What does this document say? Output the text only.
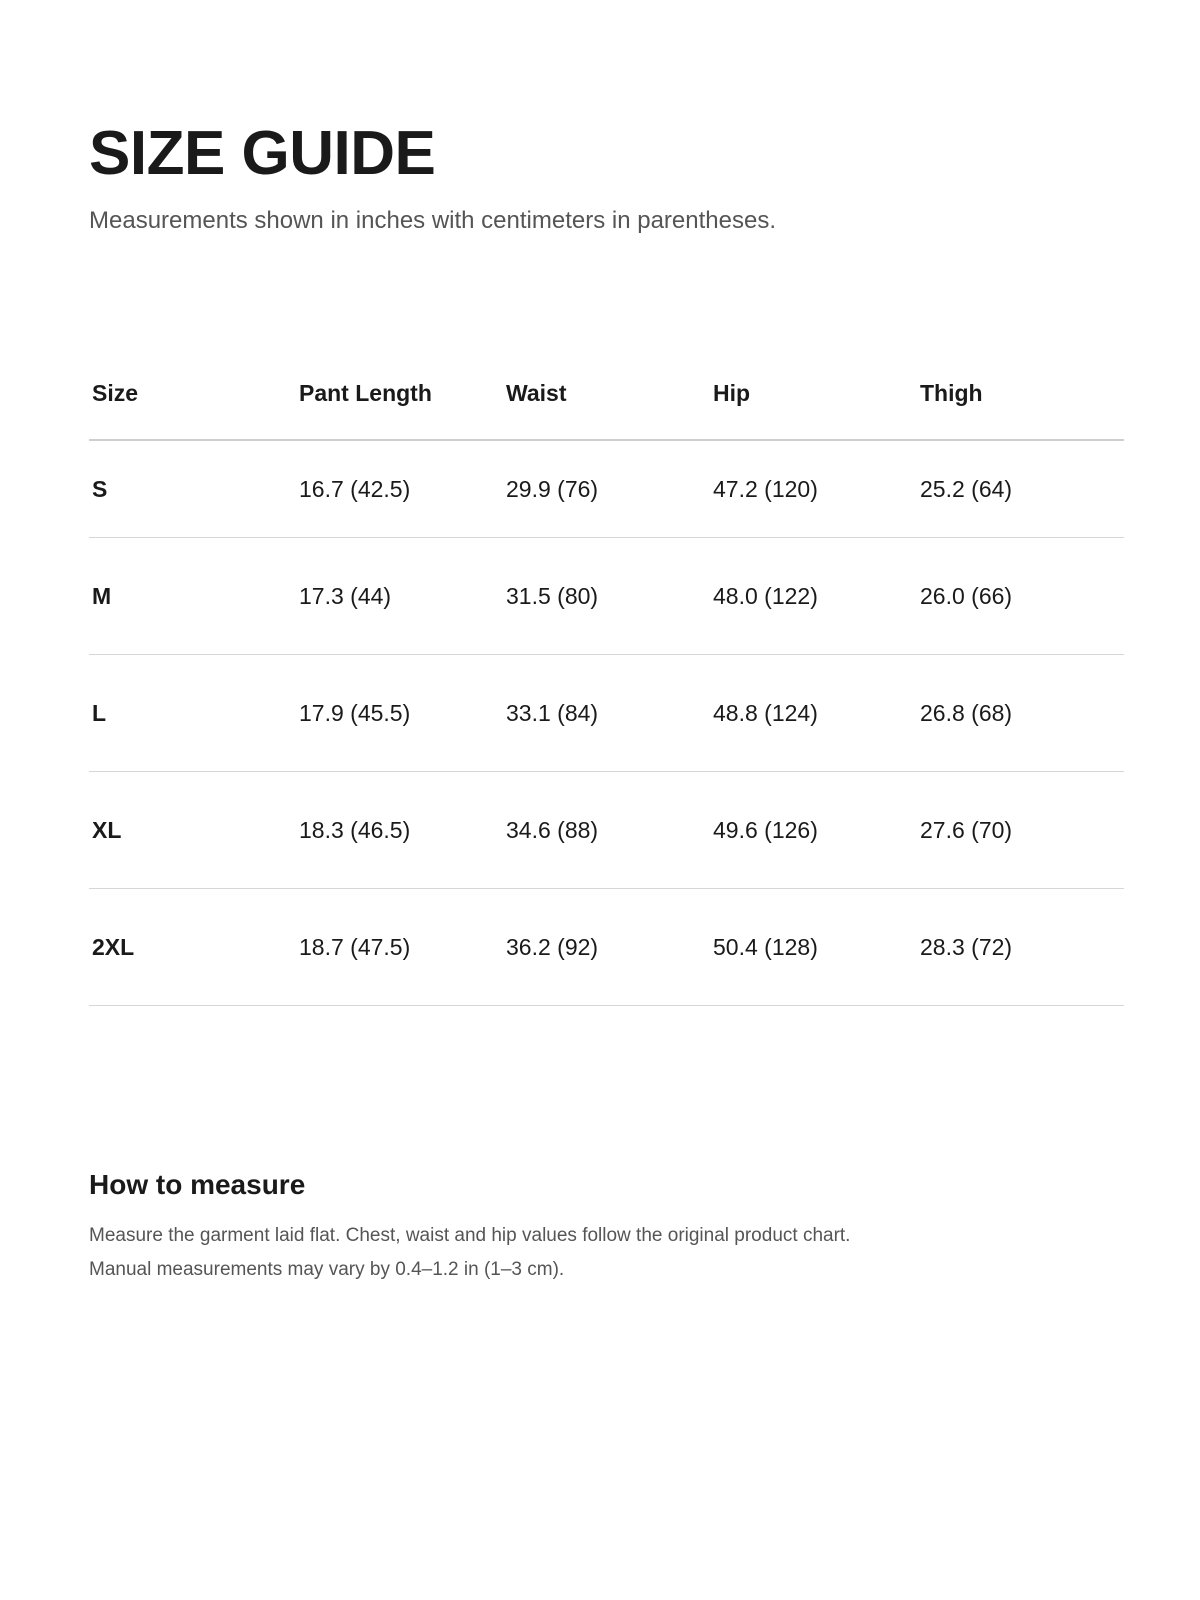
SIZE GUIDE

Measurements shown in inches with centimeters in parentheses.

Size	Pant Length	Waist	Hip	Thigh
S	16.7 (42.5)	29.9 (76)	47.2 (120)	25.2 (64)
M	17.3 (44)	31.5 (80)	48.0 (122)	26.0 (66)
L	17.9 (45.5)	33.1 (84)	48.8 (124)	26.8 (68)
XL	18.3 (46.5)	34.6 (88)	49.6 (126)	27.6 (70)
2XL	18.7 (47.5)	36.2 (92)	50.4 (128)	28.3 (72)
How to measure

Measure the garment laid flat. Chest, waist and hip values follow the original product chart.
Manual measurements may vary by 0.4–1.2 in (1–3 cm).
